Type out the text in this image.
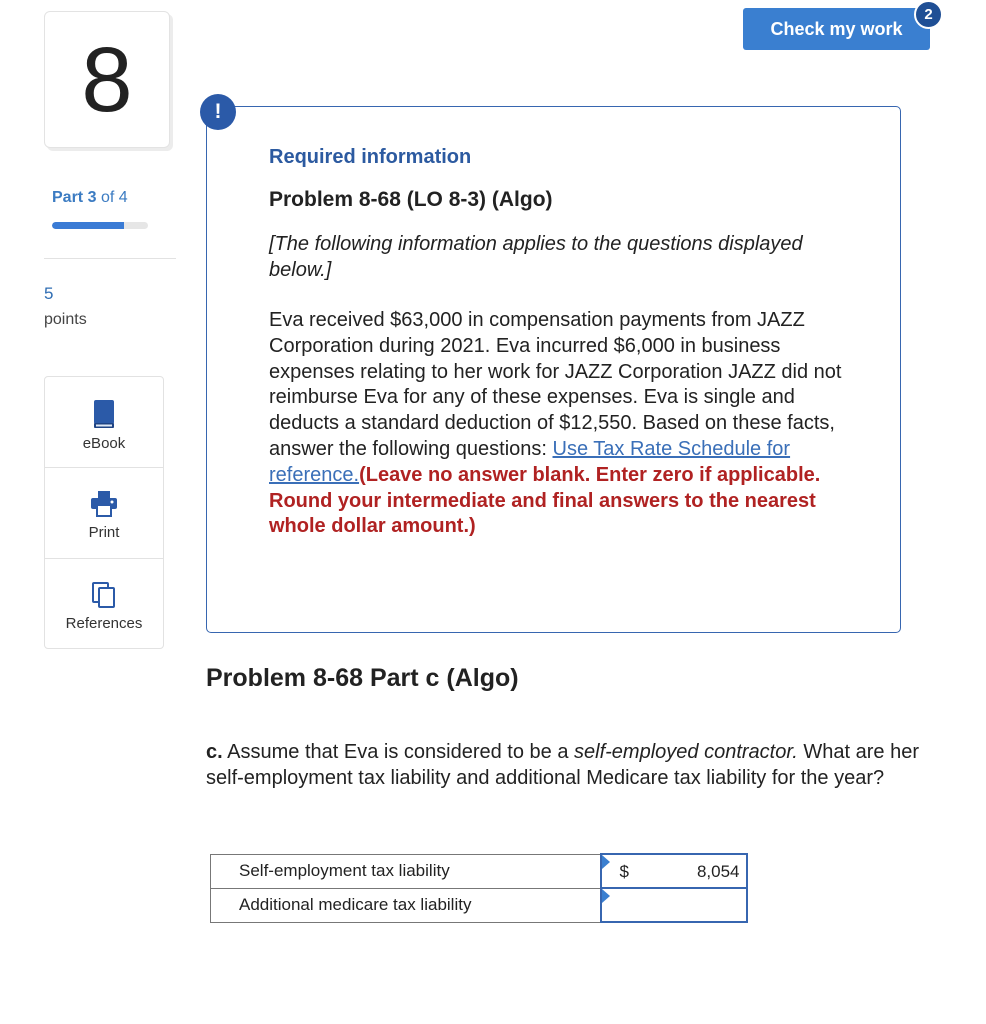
8
Part 3 of 4
5
points
eBook
Print
References
Check my work
2
!
Required information
Problem 8-68 (LO 8-3) (Algo)
[The following information applies to the questions displayed below.]
Eva received $63,000 in compensation payments from JAZZ Corporation during 2021. Eva incurred $6,000 in business expenses relating to her work for JAZZ Corporation JAZZ did not reimburse Eva for any of these expenses. Eva is single and deducts a standard deduction of $12,550. Based on these facts, answer the following questions: Use Tax Rate Schedule for reference.(Leave no answer blank. Enter zero if applicable. Round your intermediate and final answers to the nearest whole dollar amount.)
Problem 8-68 Part c (Algo)
c. Assume that Eva is considered to be a self-employed contractor. What are her self-employment tax liability and additional Medicare tax liability for the year?
Self-employment tax liability	$ 8,054

Additional medicare tax liability	
